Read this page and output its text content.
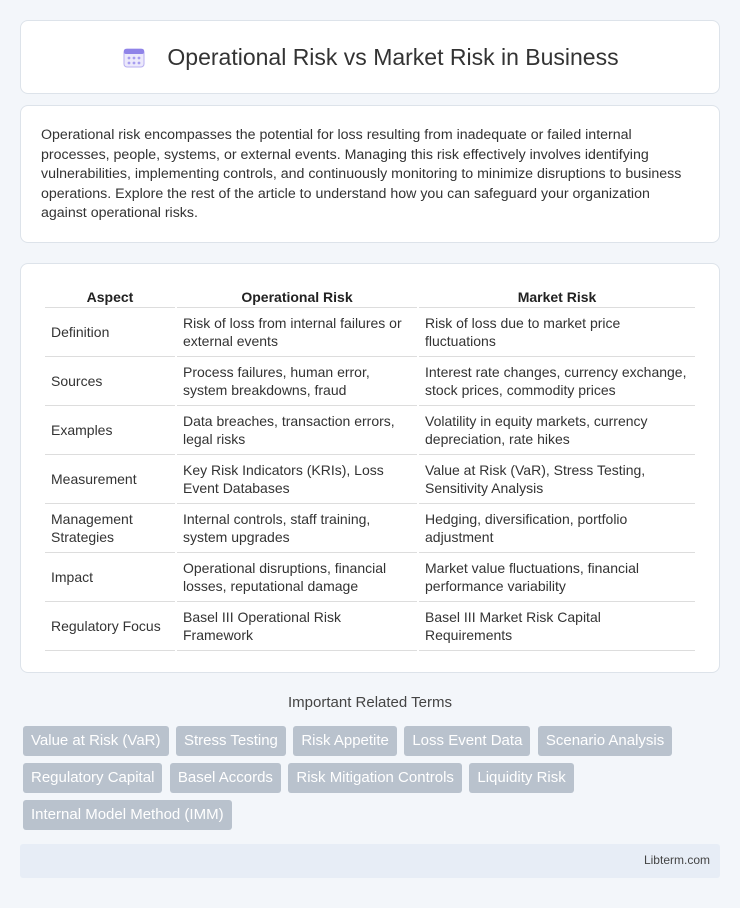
Operational Risk vs Market Risk in Business

Operational risk encompasses the potential for loss resulting from inadequate or failed internal processes, people, systems, or external events. Managing this risk effectively involves identifying vulnerabilities, implementing controls, and continuously monitoring to minimize disruptions to business operations. Explore the rest of the article to understand how you can safeguard your organization against operational risks.

Aspect	Operational Risk	Market Risk
Definition	Risk of loss from internal failures or external events	Risk of loss due to market price fluctuations
Sources	Process failures, human error, system breakdowns, fraud	Interest rate changes, currency exchange, stock prices, commodity prices
Examples	Data breaches, transaction errors, legal risks	Volatility in equity markets, currency depreciation, rate hikes
Measurement	Key Risk Indicators (KRIs), Loss Event Databases	Value at Risk (VaR), Stress Testing, Sensitivity Analysis
Management Strategies	Internal controls, staff training, system upgrades	Hedging, diversification, portfolio adjustment
Impact	Operational disruptions, financial losses, reputational damage	Market value fluctuations, financial performance variability
Regulatory Focus	Basel III Operational Risk Framework	Basel III Market Risk Capital Requirements
Important Related Terms
Value at Risk (VaR) Stress Testing Risk Appetite Loss Event Data Scenario Analysis Regulatory Capital Basel Accords Risk Mitigation Controls Liquidity Risk Internal Model Method (IMM)
Libterm.com
